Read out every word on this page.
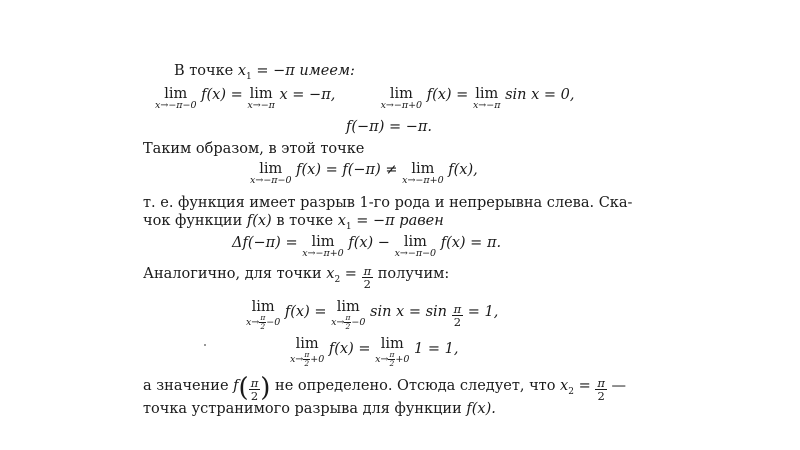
В точке $x_1 = -\pi$ имеем:
lim
x→−π−0
f(x) = lim
x→−π
x = −π,	lim
x→−π+0
f(x) = lim
x→−π
sin x = 0,
f(−π) = −π.
Таким образом, в этой точке
lim
x→−π−0
f(x) = f(−π) ≠ lim
x→−π+0
f(x),
т. е. функция имеет разрыв 1-го рода и непрерывна слева. Ска-
чок функции f(x) в точке $x_1 = -\pi$ равен
Δf(−π) = lim
x→−π+0
f(x) − lim
x→−π−0
f(x) = π.
Аналогично, для точки $x_2 = \frac{\pi}{2}$ получим:
lim
$x\to \frac{\pi}{2}-0$
f(x) = lim
$x\to \frac{\pi}{2}-0$
$\sin x = \sin \frac{\pi}{2} = 1$,
lim
$x\to \frac{\pi}{2}+0$
f(x) = lim
$x\to \frac{\pi}{2}+0$
1 = 1,
а значение $f( \frac{\pi}{2}$ ) не определено. Отсюда следует, что $x_2 = \frac{\pi}{2}$ —
точка устранимого разрыва для функции f(x).
